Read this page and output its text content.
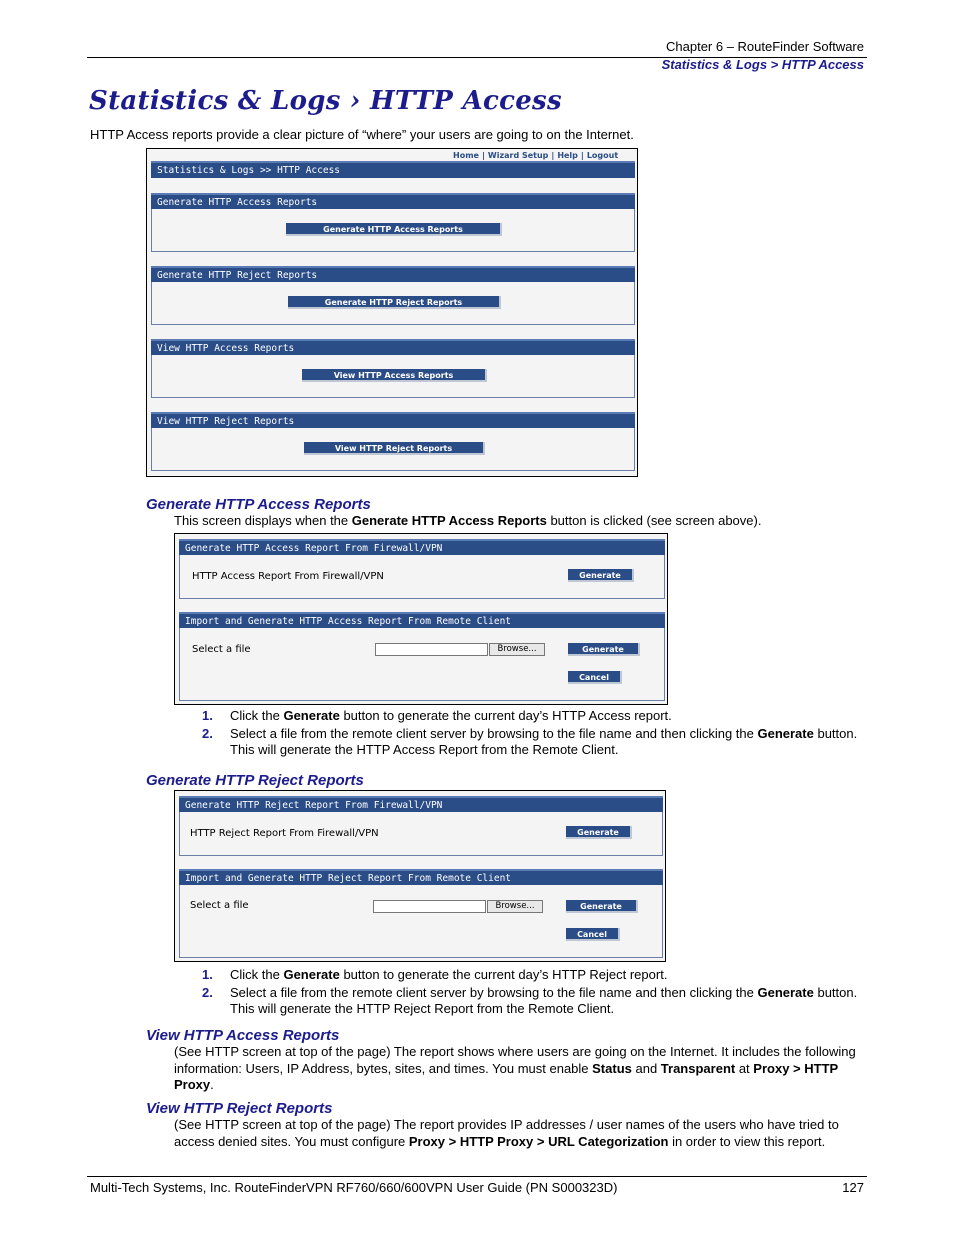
Chapter 6 – RouteFinder Software
Statistics & Logs > HTTP Access
Statistics & Logs › HTTP Access
HTTP Access reports provide a clear picture of “where” your users are going to on the Internet.
Home | Wizard Setup | Help | Logout
Statistics & Logs >> HTTP Access
Generate HTTP Access Reports
Generate HTTP Access Reports
Generate HTTP Reject Reports
Generate HTTP Reject Reports
View HTTP Access Reports
View HTTP Access Reports
View HTTP Reject Reports
View HTTP Reject Reports
Generate HTTP Access Reports
This screen displays when the Generate HTTP Access Reports button is clicked (see screen above).
Generate HTTP Access Report From Firewall/VPN
HTTP Access Report From Firewall/VPN	Generate
Import and Generate HTTP Access Report From Remote Client
Select a file	Browse...	Generate
Cancel
1. Click the Generate button to generate the current day’s HTTP Access report.
2. Select a file from the remote client server by browsing to the file name and then clicking the Generate button. This will generate the HTTP Access Report from the Remote Client.
Generate HTTP Reject Reports
Generate HTTP Reject Report From Firewall/VPN
HTTP Reject Report From Firewall/VPN	Generate
Import and Generate HTTP Reject Report From Remote Client
Select a file	Browse...	Generate
Cancel
1. Click the Generate button to generate the current day’s HTTP Reject report.
2. Select a file from the remote client server by browsing to the file name and then clicking the Generate button. This will generate the HTTP Reject Report from the Remote Client.
View HTTP Access Reports
(See HTTP screen at top of the page) The report shows where users are going on the Internet. It includes the following information: Users, IP Address, bytes, sites, and times. You must enable Status and Transparent at Proxy > HTTP Proxy.
View HTTP Reject Reports
(See HTTP screen at top of the page) The report provides IP addresses / user names of the users who have tried to access denied sites. You must configure Proxy > HTTP Proxy > URL Categorization in order to view this report.
Multi-Tech Systems, Inc. RouteFinderVPN RF760/660/600VPN User Guide (PN S000323D)	127
